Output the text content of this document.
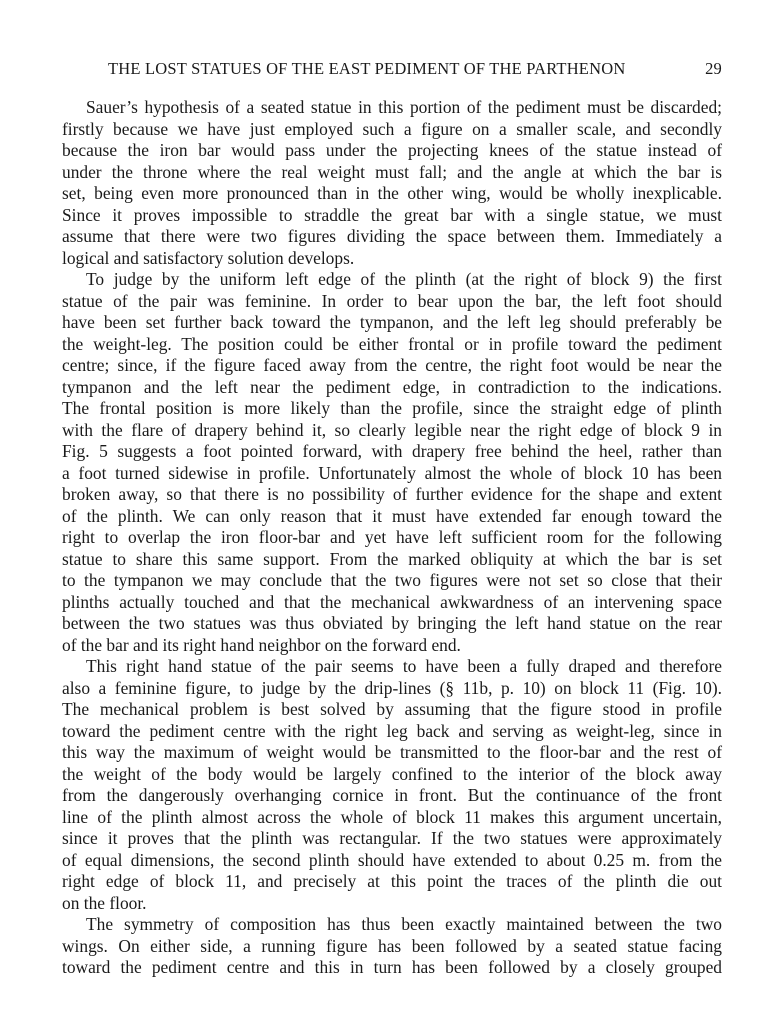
THE LOST STATUES OF THE EAST PEDIMENT OF THE PARTHENON	29
Sauer’s hypothesis of a seated statue in this portion of the pediment must be discarded;
firstly because we have just employed such a figure on a smaller scale, and secondly
because the iron bar would pass under the projecting knees of the statue instead of
under the throne where the real weight must fall; and the angle at which the bar is
set, being even more pronounced than in the other wing, would be wholly inexplicable.
Since it proves impossible to straddle the great bar with a single statue, we must
assume that there were two figures dividing the space between them. Immediately a
logical and satisfactory solution develops.
To judge by the uniform left edge of the plinth (at the right of block 9) the first
statue of the pair was feminine. In order to bear upon the bar, the left foot should
have been set further back toward the tympanon, and the left leg should preferably be
the weight-leg. The position could be either frontal or in profile toward the pediment
centre; since, if the figure faced away from the centre, the right foot would be near the
tympanon and the left near the pediment edge, in contradiction to the indications.
The frontal position is more likely than the profile, since the straight edge of plinth
with the flare of drapery behind it, so clearly legible near the right edge of block 9 in
Fig. 5 suggests a foot pointed forward, with drapery free behind the heel, rather than
a foot turned sidewise in profile. Unfortunately almost the whole of block 10 has been
broken away, so that there is no possibility of further evidence for the shape and extent
of the plinth. We can only reason that it must have extended far enough toward the
right to overlap the iron floor-bar and yet have left sufficient room for the following
statue to share this same support. From the marked obliquity at which the bar is set
to the tympanon we may conclude that the two figures were not set so close that their
plinths actually touched and that the mechanical awkwardness of an intervening space
between the two statues was thus obviated by bringing the left hand statue on the rear
of the bar and its right hand neighbor on the forward end.
This right hand statue of the pair seems to have been a fully draped and therefore
also a feminine figure, to judge by the drip-lines (§ 11b, p. 10) on block 11 (Fig. 10).
The mechanical problem is best solved by assuming that the figure stood in profile
toward the pediment centre with the right leg back and serving as weight-leg, since in
this way the maximum of weight would be transmitted to the floor-bar and the rest of
the weight of the body would be largely confined to the interior of the block away
from the dangerously overhanging cornice in front. But the continuance of the front
line of the plinth almost across the whole of block 11 makes this argument uncertain,
since it proves that the plinth was rectangular. If the two statues were approximately
of equal dimensions, the second plinth should have extended to about 0.25 m. from the
right edge of block 11, and precisely at this point the traces of the plinth die out
on the floor.
The symmetry of composition has thus been exactly maintained between the two
wings. On either side, a running figure has been followed by a seated statue facing
toward the pediment centre and this in turn has been followed by a closely grouped
